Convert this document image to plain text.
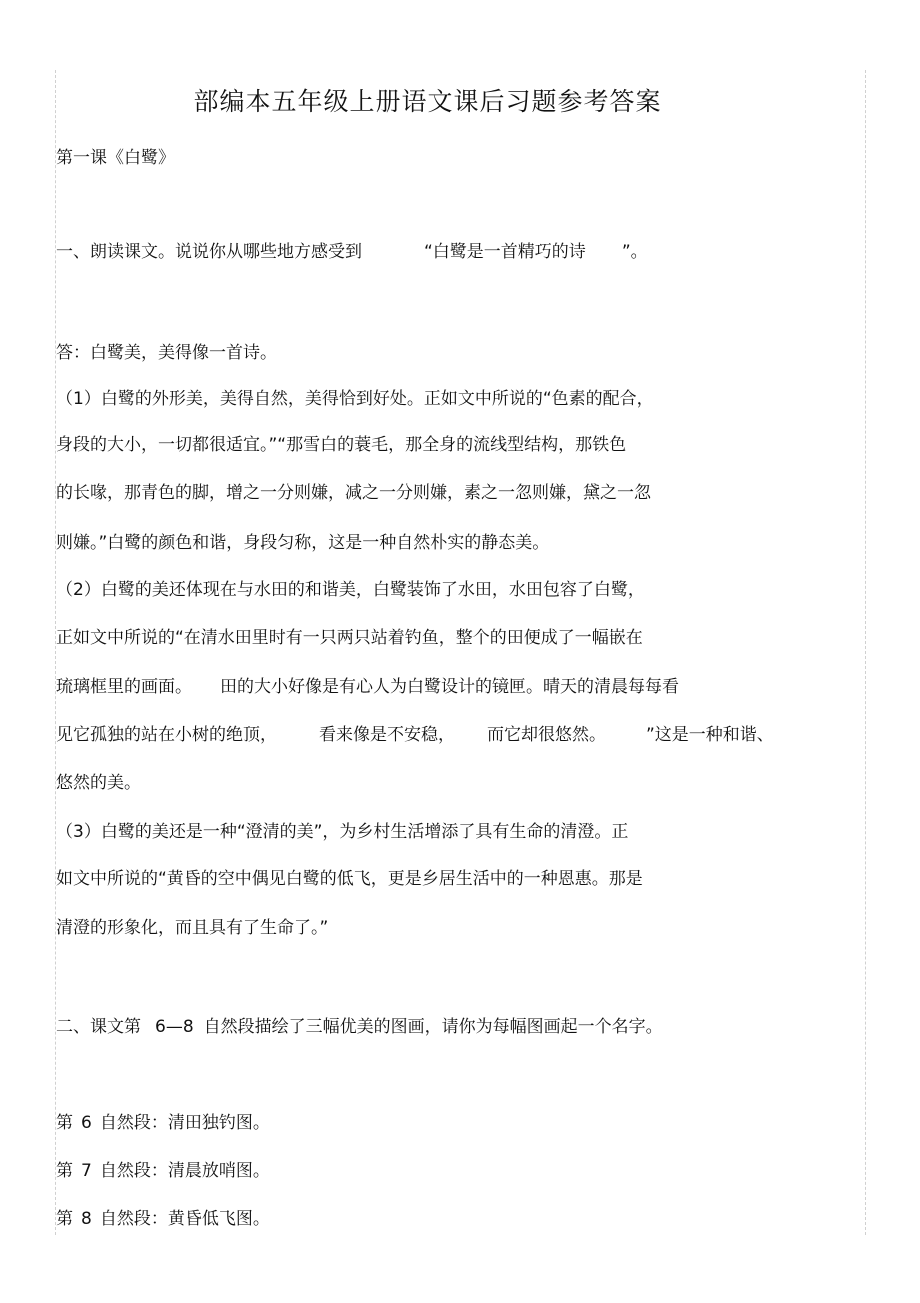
部编本五年级上册语文课后习题参考答案
第一课《白鹭》
一、朗读课文。说说你从哪些地方感受到	“白鹭是一首精巧的诗 ”。
答：白鹭美，美得像一首诗。
（1）白鹭的外形美，美得自然，美得恰到好处。正如文中所说的“色素的配合，
身段的大小，一切都很适宜。”“那雪白的蓑毛，那全身的流线型结构，那铁色
的长喙，那青色的脚，增之一分则嫌，减之一分则嫌，素之一忽则嫌，黛之一忽
则嫌。”白鹭的颜色和谐，身段匀称，这是一种自然朴实的静态美。
（2）白鹭的美还体现在与水田的和谐美，白鹭装饰了水田，水田包容了白鹭，
正如文中所说的“在清水田里时有一只两只站着钓鱼，整个的田便成了一幅嵌在
琉璃框里的画面。 田的大小好像是有心人为白鹭设计的镜匣。晴天的清晨每每看
见它孤独的站在小树的绝顶， 看来像是不安稳， 而它却很悠然。 ”这是一种和谐、
悠然的美。
（3）白鹭的美还是一种“澄清的美”，为乡村生活增添了具有生命的清澄。正
如文中所说的“黄昏的空中偶见白鹭的低飞，更是乡居生活中的一种恩惠。那是
清澄的形象化，而且具有了生命了。”
二、课文第 6—8 自然段描绘了三幅优美的图画，请你为每幅图画起一个名字。
第 6 自然段：清田独钓图。
第 7 自然段：清晨放哨图。
第 8 自然段：黄昏低飞图。
